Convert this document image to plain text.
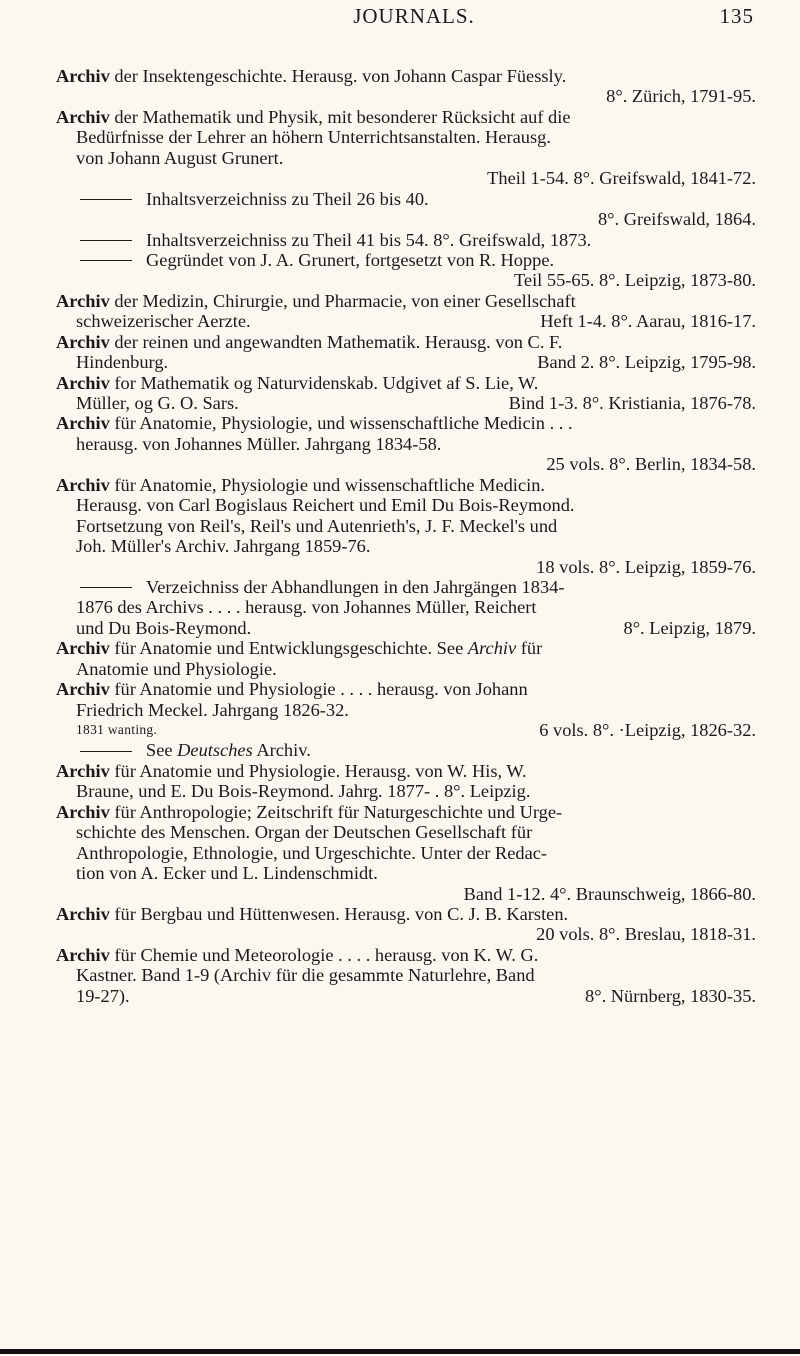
JOURNALS.	135
Archiv der Insektengeschichte. Herausg. von Johann Caspar Füessly.
8°. Zürich, 1791-95.
Archiv der Mathematik und Physik, mit besonderer Rücksicht auf die
Bedürfnisse der Lehrer an höhern Unterrichtsanstalten. Herausg.
von Johann August Grunert.
Theil 1-54. 8°. Greifswald, 1841-72.
Inhaltsverzeichniss zu Theil 26 bis 40.
8°. Greifswald, 1864.
Inhaltsverzeichniss zu Theil 41 bis 54. 8°. Greifswald, 1873.
Gegründet von J. A. Grunert, fortgesetzt von R. Hoppe.
Teil 55-65. 8°. Leipzig, 1873-80.
Archiv der Medizin, Chirurgie, und Pharmacie, von einer Gesellschaft
schweizerischer Aerzte.	Heft 1-4. 8°. Aarau, 1816-17.
Archiv der reinen und angewandten Mathematik. Herausg. von C. F.
Hindenburg.	Band 2. 8°. Leipzig, 1795-98.
Archiv for Mathematik og Naturvidenskab. Udgivet af S. Lie, W.
Müller, og G. O. Sars.	Bind 1-3. 8°. Kristiania, 1876-78.
Archiv für Anatomie, Physiologie, und wissenschaftliche Medicin . . .
herausg. von Johannes Müller. Jahrgang 1834-58.
25 vols. 8°. Berlin, 1834-58.
Archiv für Anatomie, Physiologie und wissenschaftliche Medicin.
Herausg. von Carl Bogislaus Reichert und Emil Du Bois-Reymond.
Fortsetzung von Reil's, Reil's und Autenrieth's, J. F. Meckel's und
Joh. Müller's Archiv. Jahrgang 1859-76.
18 vols. 8°. Leipzig, 1859-76.
Verzeichniss der Abhandlungen in den Jahrgängen 1834-
1876 des Archivs . . . . herausg. von Johannes Müller, Reichert
und Du Bois-Reymond.	8°. Leipzig, 1879.
Archiv für Anatomie und Entwicklungsgeschichte. See Archiv für
Anatomie und Physiologie.
Archiv für Anatomie und Physiologie . . . . herausg. von Johann
Friedrich Meckel. Jahrgang 1826-32.
1831 wanting.	6 vols. 8°. ·Leipzig, 1826-32.
See Deutsches Archiv.
Archiv für Anatomie und Physiologie. Herausg. von W. His, W.
Braune, und E. Du Bois-Reymond. Jahrg. 1877- . 8°. Leipzig.
Archiv für Anthropologie; Zeitschrift für Naturgeschichte und Urge-
schichte des Menschen. Organ der Deutschen Gesellschaft für
Anthropologie, Ethnologie, und Urgeschichte. Unter der Redac-
tion von A. Ecker und L. Lindenschmidt.
Band 1-12. 4°. Braunschweig, 1866-80.
Archiv für Bergbau und Hüttenwesen. Herausg. von C. J. B. Karsten.
20 vols. 8°. Breslau, 1818-31.
Archiv für Chemie und Meteorologie . . . . herausg. von K. W. G.
Kastner. Band 1-9 (Archiv für die gesammte Naturlehre, Band
19-27).	8°. Nürnberg, 1830-35.
